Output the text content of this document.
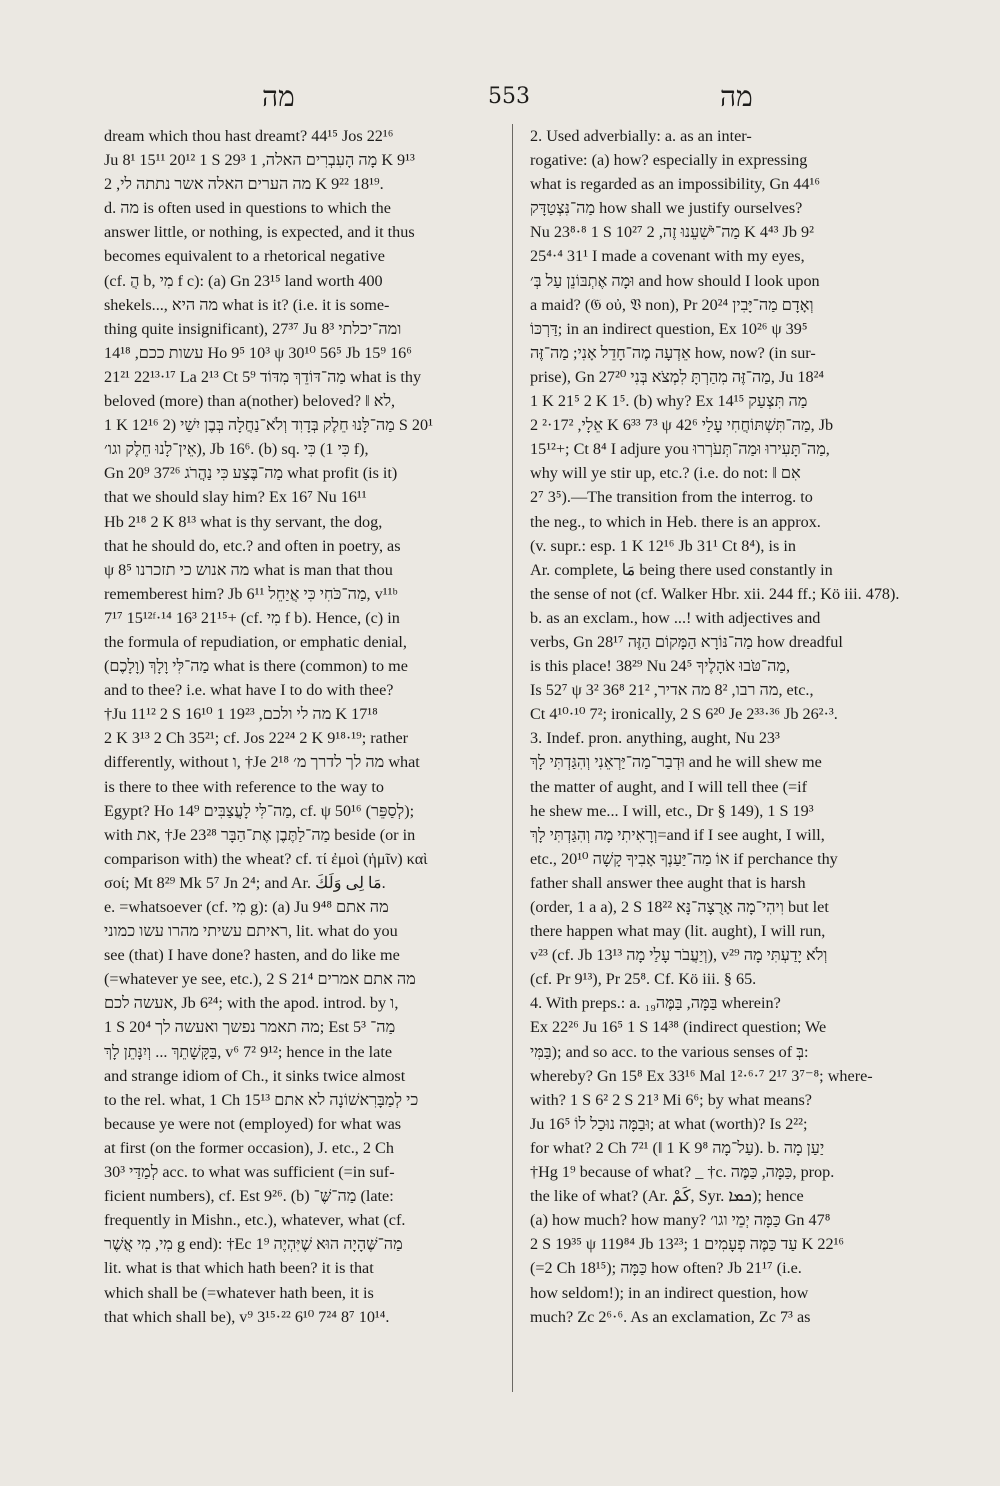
מה	553	מה

dream which thou hast dreamt? 44¹⁵ Jos 22¹⁶

Ju 8¹ 15¹¹ 20¹² 1 S 29³ מָה הָעִבְרִים האלה, 1 K 9¹³

מה הערים האלה אשר נתתה לי, 2 K 9²² 18¹⁹.

d. מה is often used in questions to which the

answer little, or nothing, is expected, and it thus

becomes equivalent to a rhetorical negative

(cf. הֲ b, מִי f c): (a) Gn 23¹⁵ land worth 400

shekels..., מה היא what is it? (i.e. it is some-

thing quite insignificant), 27³⁷ Ju 8³ ומה־יכלתי

עשות ככם, 14¹⁸ Ho 9⁵ 10³ ψ 30¹⁰ 56⁵ Jb 15⁹ 16⁶

21²¹ 22¹³·¹⁷ La 2¹³ Ct 5⁹ מַה־דּוֹדֵךְ מִדּוֹד what is thy

beloved (more) than a(nother) beloved? ‖ לא,

1 K 12¹⁶ מַה־לָּנוּ חֵלֶק בְּדָוִד וְלֹא־נַחֲלָה בְּבֶן יִשַׁי (2 S 20¹

אֵין־לָנוּ חֵלֶק וגו׳), Jb 16⁶. (b) sq. כִּי (כִּי 1 f),

Gn 20⁹ 37²⁶ מַה־בֶּצַע כִּי נַהֲרֹג what profit (is it)

that we should slay him? Ex 16⁷ Nu 16¹¹

Hb 2¹⁸ 2 K 8¹³ what is thy servant, the dog,

that he should do, etc.? and often in poetry, as

ψ 8⁵ מה אנוש כי תזכרנו what is man that thou

rememberest him? Jb 6¹¹ מַה־כֹּחִי כִּי אֲיַחֵל, v¹¹ᵇ

7¹⁷ 15¹²ᶠ·¹⁴ 16³ 21¹⁵+ (cf. מִי f b). Hence, (c) in

the formula of repudiation, or emphatic denial,

מַה־לִּי וָלָךְ (וָלָכֶם) what is there (common) to me

and to thee? i.e. what have I to do with thee?

†Ju 11¹² 2 S 16¹⁰ מה לי ולכם, 19²³ 1 K 17¹⁸

2 K 3¹³ 2 Ch 35²¹; cf. Jos 22²⁴ 2 K 9¹⁸·¹⁹; rather

differently, without ו, †Je 2¹⁸ מה לך לדרך מ׳ what

is there to thee with reference to the way to

Egypt? Ho 14⁹ מַה־לִּי לָעֲצַבִּים, cf. ψ 50¹⁶ (לְסַפֵּר);

with את, †Je 23²⁸ מַה־לַתֶּבֶן אֶת־הַבָּר beside (or in

comparison with) the wheat? cf. τί ἐμοὶ (ἡμῖν) καὶ

σοί; Mt 8²⁹ Mk 5⁷ Jn 2⁴; and Ar. مَا لِى وَلَكَ.

e. =whatsoever (cf. מִי g): (a) Ju 9⁴⁸ מה אתם

ראיתם עשיתי מהרו עשו כמוני, lit. what do you

see (that) I have done? hasten, and do like me

(=whatever ye see, etc.), 2 S 21⁴ מה אתם אמרים

אעשה לכם, Jb 6²⁴; with the apod. introd. by ו,

1 S 20⁴ מה תאמר נפשך ואעשה לך; Est 5³ מַה־

בַּקָּשָׁתֵךְ ... וְיִנָּתֵן לָךְ, v⁶ 7² 9¹²; hence in the late

and strange idiom of Ch., it sinks twice almost

to the rel. what, 1 Ch 15¹³ כי לְמַבָּרִאשׁוֹנָה לא אתם

because ye were not (employed) for what was

at first (on the former occasion), J. etc., 2 Ch

30³ לְמַדַּי acc. to what was sufficient (=in suf-

ficient numbers), cf. Est 9²⁶. (b) מַה־שֶּׁ־ (late:

frequently in Mishn., etc.), whatever, what (cf.

מִי, מִי אֲשֶׁר g end): †Ec 1⁹ מַה־שֶּׁהָיָה הוּא שֶׁיִּהְיֶה

lit. what is that which hath been? it is that

which shall be (=whatever hath been, it is

that which shall be), v⁹ 3¹⁵·²² 6¹⁰ 7²⁴ 8⁷ 10¹⁴.

2. Used adverbially: a. as an inter-

rogative: (a) how? especially in expressing

what is regarded as an impossibility, Gn 44¹⁶

מַה־נִּצְטַדָּק how shall we justify ourselves?

Nu 23⁸·⁸ 1 S 10²⁷ מַה־יֹּשִׁעֵנוּ זֶה, 2 K 4⁴³ Jb 9²

25⁴·⁴ 31¹ I made a covenant with my eyes,

וּמָה אֶתְבּוֹנֵן עַל בְּ׳ and how should I look upon

a maid? (𝔊 οὐ, 𝔙 non), Pr 20²⁴ וְאָדָם מַה־יָּבִין

דַּרְכּוֹ; in an indirect question, Ex 10²⁶ ψ 39⁵

אֵדְעָה מֶה־חָדֵל אָנִי; מַה־זֶּה how, now? (in sur-

prise), Gn 27²⁰ מַה־זֶּה מִהַרְתָּ לִמְצֹא בְּנִי, Ju 18²⁴

1 K 21⁵ 2 K 1⁵. (b) why? Ex 14¹⁵ מַה תִּצְעַק

אֵלָי, 17²·² 2 K 6³³ 7³ ψ 42⁶ מַה־תִּשְׁתּוֹחֲחִי עָלַי, Jb

15¹²+; Ct 8⁴ I adjure you מַה־תָּעִירוּ וּמַה־תְּעֹרְרוּ,

why will ye stir up, etc.? (i.e. do not: ‖ אִם

2⁷ 3⁵).—The transition from the interrog. to

the neg., to which in Heb. there is an approx.

(v. supr.: esp. 1 K 12¹⁶ Jb 31¹ Ct 8⁴), is in

Ar. complete, مَا being there used constantly in

the sense of not (cf. Walker Hbr. xii. 244 ff.; Kö iii. 478).

b. as an exclam., how ...! with adjectives and

verbs, Gn 28¹⁷ מַה־נּוֹרָא הַמָּקוֹם הַזֶּה how dreadful

is this place! 38²⁹ Nu 24⁵ מַה־טֹּבוּ אֹהָלֶיךָ,

Is 52⁷ ψ 3² מה רבו, 8² מה אדיר, 21² 36⁸, etc.,

Ct 4¹⁰·¹⁰ 7²; ironically, 2 S 6²⁰ Je 2³³·³⁶ Jb 26²·³.

3. Indef. pron. anything, aught, Nu 23³

וּדְבַר־מַה־יַּרְאֵנִי וְהִגַּדְתִּי לָךְ and he will shew me

the matter of aught, and I will tell thee (=if

he shew me... I will, etc., Dr § 149), 1 S 19³

וְרָאִיתִי מָה וְהִגַּדְתִּי לָךְ=and if I see aught, I will,

etc., 20¹⁰ אוֹ מַה־יַּעַנְךָ אָבִיךָ קָשָׁה if perchance thy

father shall answer thee aught that is harsh

(order, 1 a a), 2 S 18²² וִיהִי־מָה אָרֻצָה־נָּא but let

there happen what may (lit. aught), I will run,

v²³ (cf. Jb 13¹³ וְיַעֲבֹר עָלַי מָה), v²⁹ וְלֹא יָדַעְתִּי מָה

(cf. Pr 9¹³), Pr 25⁸. Cf. Kö iii. § 65.

4. With preps.: a. בַּמָּה, בַּמֶּה₁₉ wherein?

Ex 22²⁶ Ju 16⁵ 1 S 14³⁸ (indirect question; We

בַּמִּי); and so acc. to the various senses of בְּ:

whereby? Gn 15⁸ Ex 33¹⁶ Mal 1²·⁶·⁷ 2¹⁷ 3⁷⁻⁸; where-

with? 1 S 6² 2 S 21³ Mi 6⁶; by what means?

Ju 16⁵ וּבַמָּה נוּכַל לוֹ; at what (worth)? Is 2²²;

for what? 2 Ch 7²¹ (‖ 1 K 9⁸ עַל־מָה). b. יַעַן מָה

†Hg 1⁹ because of what? _ †c. כַּמָּה, כַּמֶּה, prop.

the like of what? (Ar. كَمْ, Syr. ܟܡܐ); hence

(a) how much? how many? כַּמָּה יְמֵי וגו׳ Gn 47⁸

2 S 19³⁵ ψ 119⁸⁴ Jb 13²³; עַד כַּמֶּה פְעָמִים 1 K 22¹⁶

(=2 Ch 18¹⁵); כַּמָּה how often? Jb 21¹⁷ (i.e.

how seldom!); in an indirect question, how

much? Zc 2⁶·⁶. As an exclamation, Zc 7³ as
